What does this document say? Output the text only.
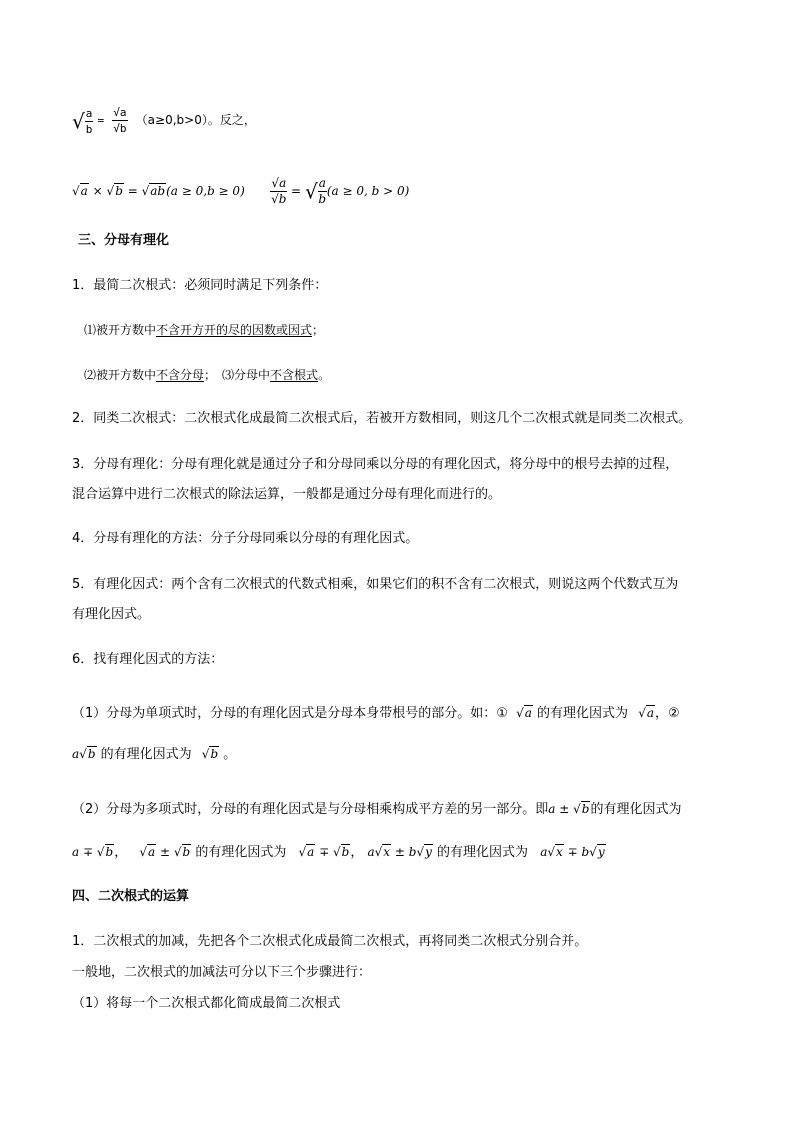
√ $\frac{a}{b} = \frac{√a}{√b} (a\ge 0,b>0)$。反之，
$√a \times √b = √ab(a \ge 0,b \ge 0) \frac{√a}{√b}$ = √ $\frac{a}{b} (a \ge 0$, b > 0)
三、分母有理化
1．最简二次根式：必须同时满足下列条件：
⑴被开方数中不含开方开的尽的因数或因式；
⑵被开方数中不含分母；　⑶分母中不含根式。
2．同类二次根式：二次根式化成最简二次根式后，若被开方数相同，则这几个二次根式就是同类二次根式。
3．分母有理化：分母有理化就是通过分子和分母同乘以分母的有理化因式，将分母中的根号去掉的过程，
混合运算中进行二次根式的除法运算，一般都是通过分母有理化而进行的。
4．分母有理化的方法：分子分母同乘以分母的有理化因式。
5．有理化因式：两个含有二次根式的代数式相乘，如果它们的积不含有二次根式，则说这两个代数式互为
有理化因式。
6．找有理化因式的方法：
（1）分母为单项式时，分母的有理化因式是分母本身带根号的部分。如：① √a 的有理化因式为 √a，②
a√b 的有理化因式为 √b 。
（2）分母为多项式时，分母的有理化因式是与分母相乘构成平方差的另一部分。即a ± √b的有理化因式为
a ∓ √b， √a ± √b 的有理化因式为 √a ∓ √b， a√x ± b√y 的有理化因式为 a√x ∓ b√y
四、二次根式的运算
1．二次根式的加减，先把各个二次根式化成最简二次根式，再将同类二次根式分别合并。
一般地，二次根式的加减法可分以下三个步骤进行：
（1）将每一个二次根式都化简成最简二次根式
